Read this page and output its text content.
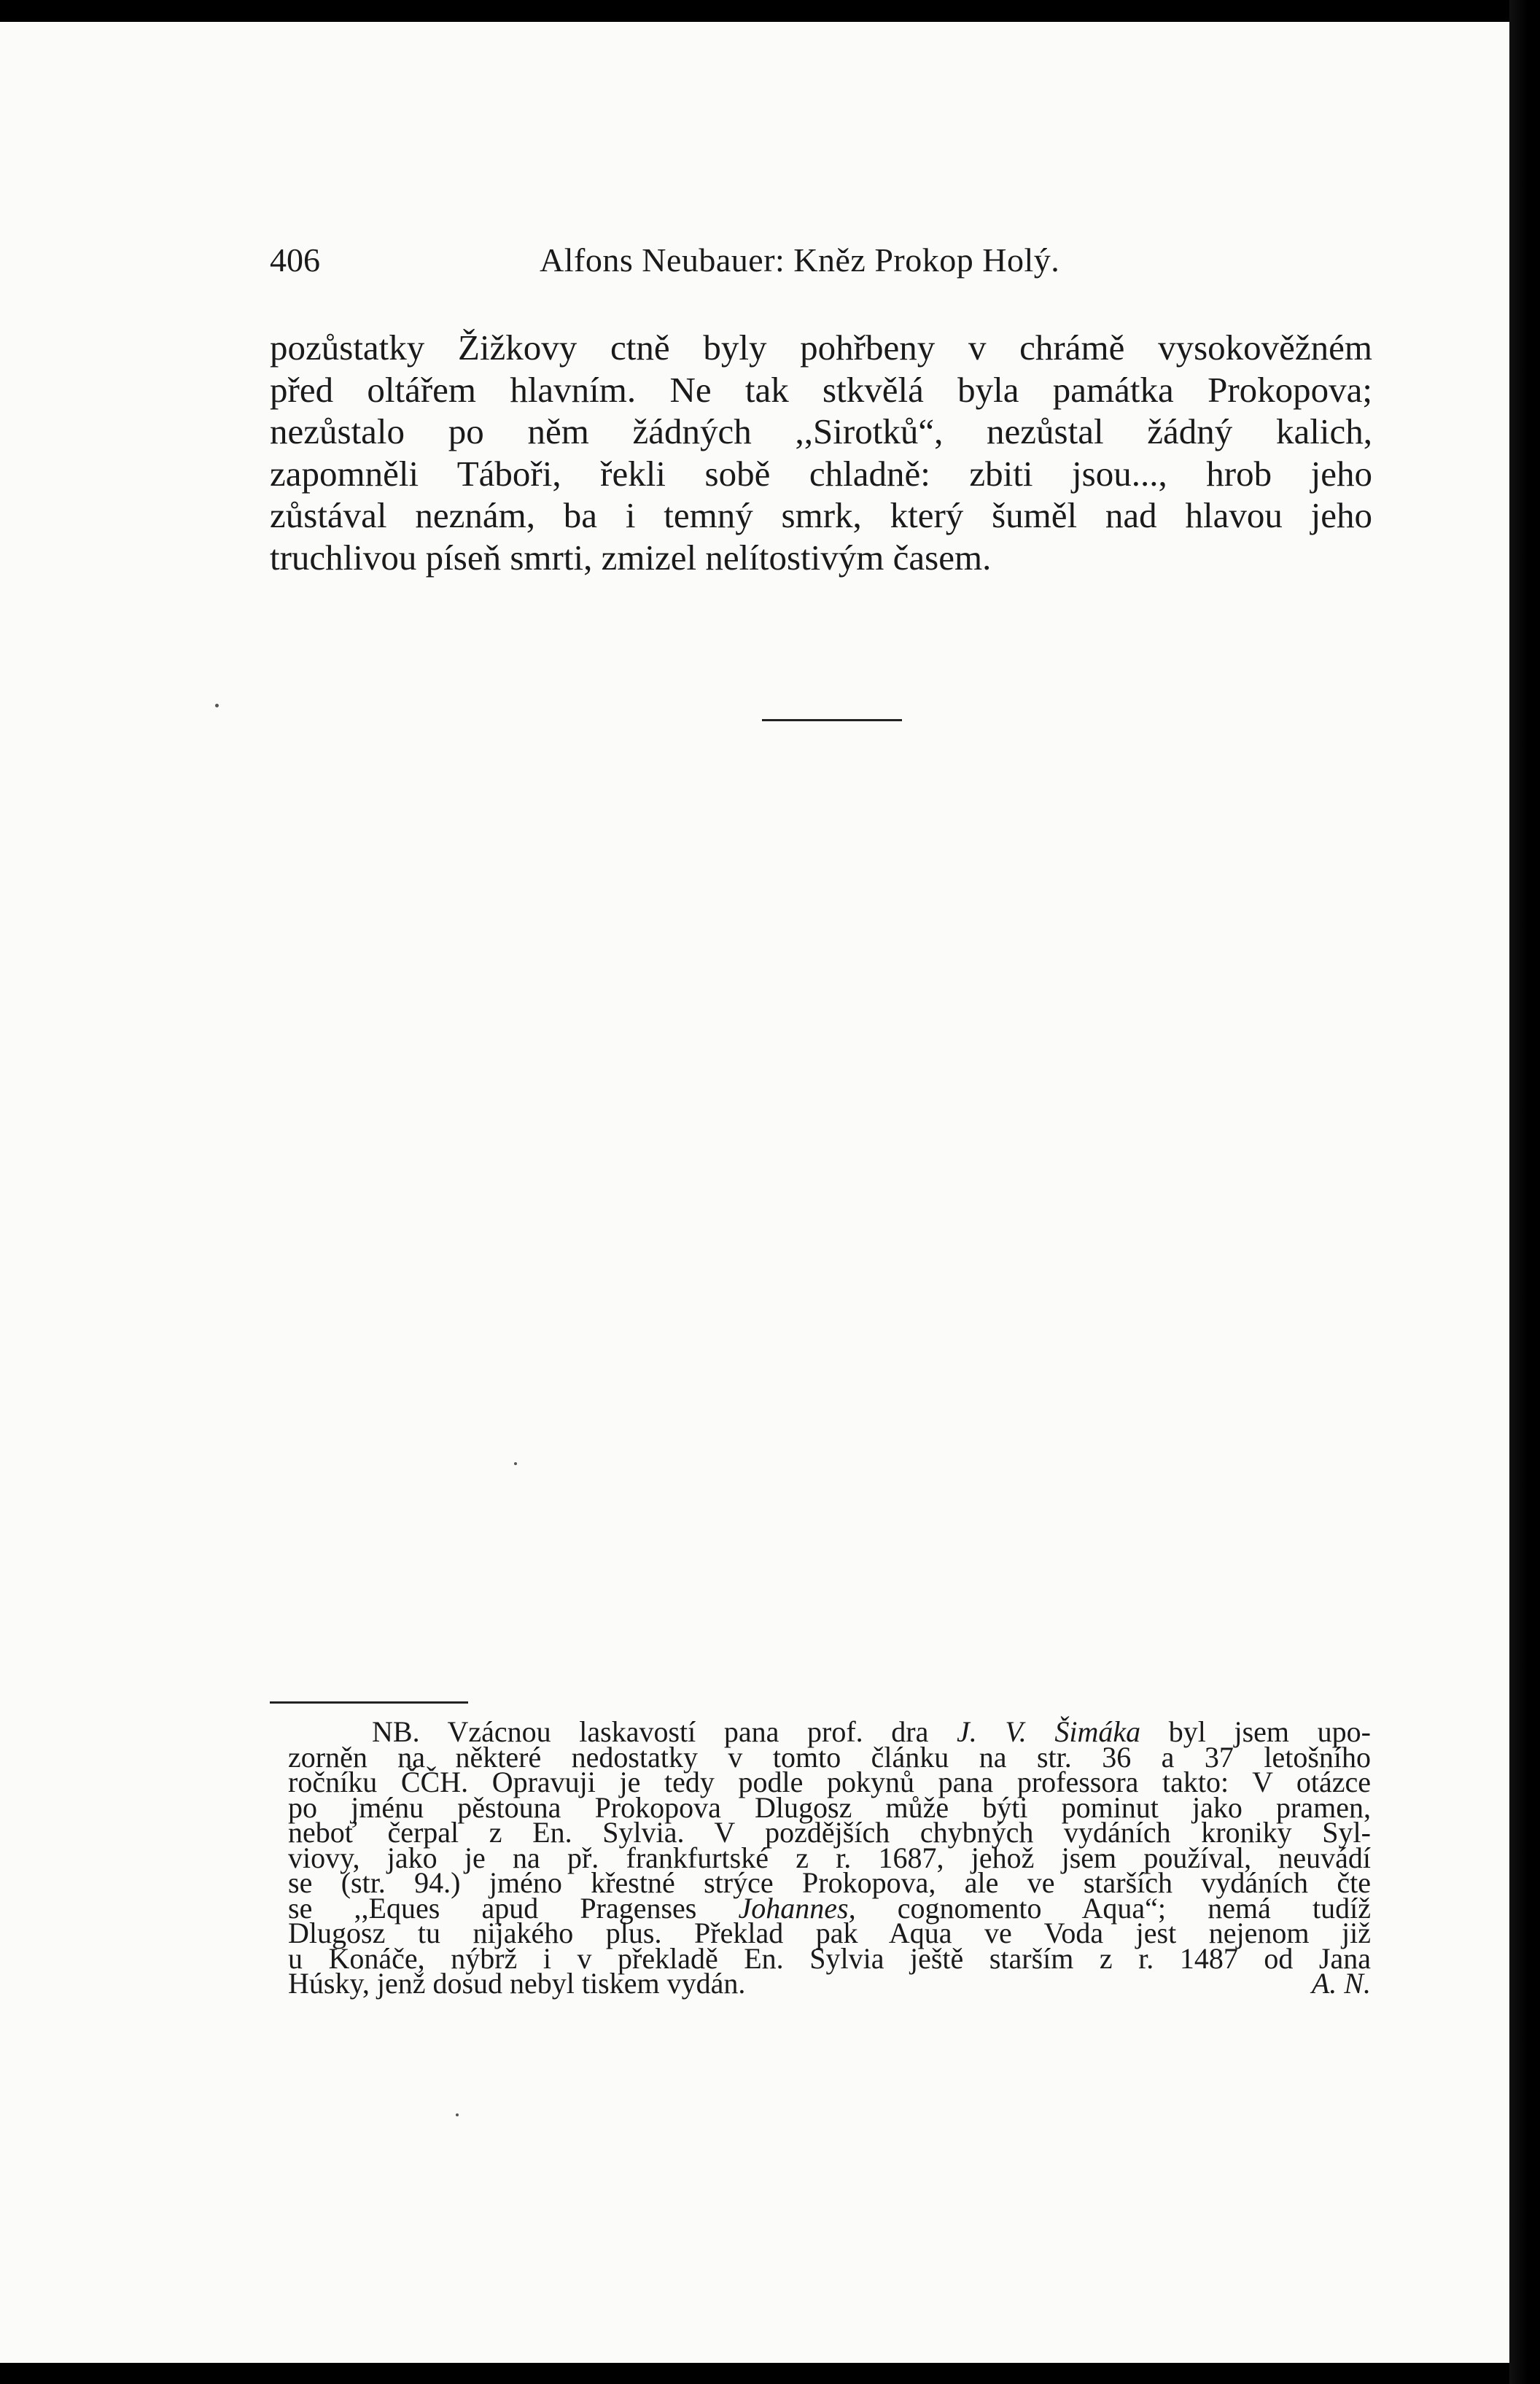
406	Alfons Neubauer: Kněz Prokop Holý.
pozůstatky Žižkovy ctně byly pohřbeny v chrámě vysokověžném
před oltářem hlavním. Ne tak stkvělá byla památka Prokopova;
nezůstalo po něm žádných ,,Sirotků“, nezůstal žádný kalich,
zapomněli Táboři, řekli sobě chladně: zbiti jsou..., hrob jeho
zůstával neznám, ba i temný smrk, který šuměl nad hlavou jeho
truchlivou píseň smrti, zmizel nelítostivým časem.
NB. Vzácnou laskavostí pana prof. dra J. V. Šimáka byl jsem upo-
zorněn na některé nedostatky v tomto článku na str. 36 a 37 letošního
ročníku ČČH. Opravuji je tedy podle pokynů pana professora takto: V otázce
po jménu pěstouna Prokopova Dlugosz může býti pominut jako pramen,
neboť čerpal z En. Sylvia. V pozdějších chybných vydáních kroniky Syl-
viovy, jako je na př. frankfurtské z r. 1687, jehož jsem používal, neuvádí
se (str. 94.) jméno křestné strýce Prokopova, ale ve starších vydáních čte
se ,,Eques apud Pragenses Johannes, cognomento Aqua“; nemá tudíž
Dlugosz tu nijakého plus. Překlad pak Aqua ve Voda jest nejenom již
u Konáče, nýbrž i v překladě En. Sylvia ještě starším z r. 1487 od Jana
Húsky, jenž dosud nebyl tiskem vydán.	A. N.
